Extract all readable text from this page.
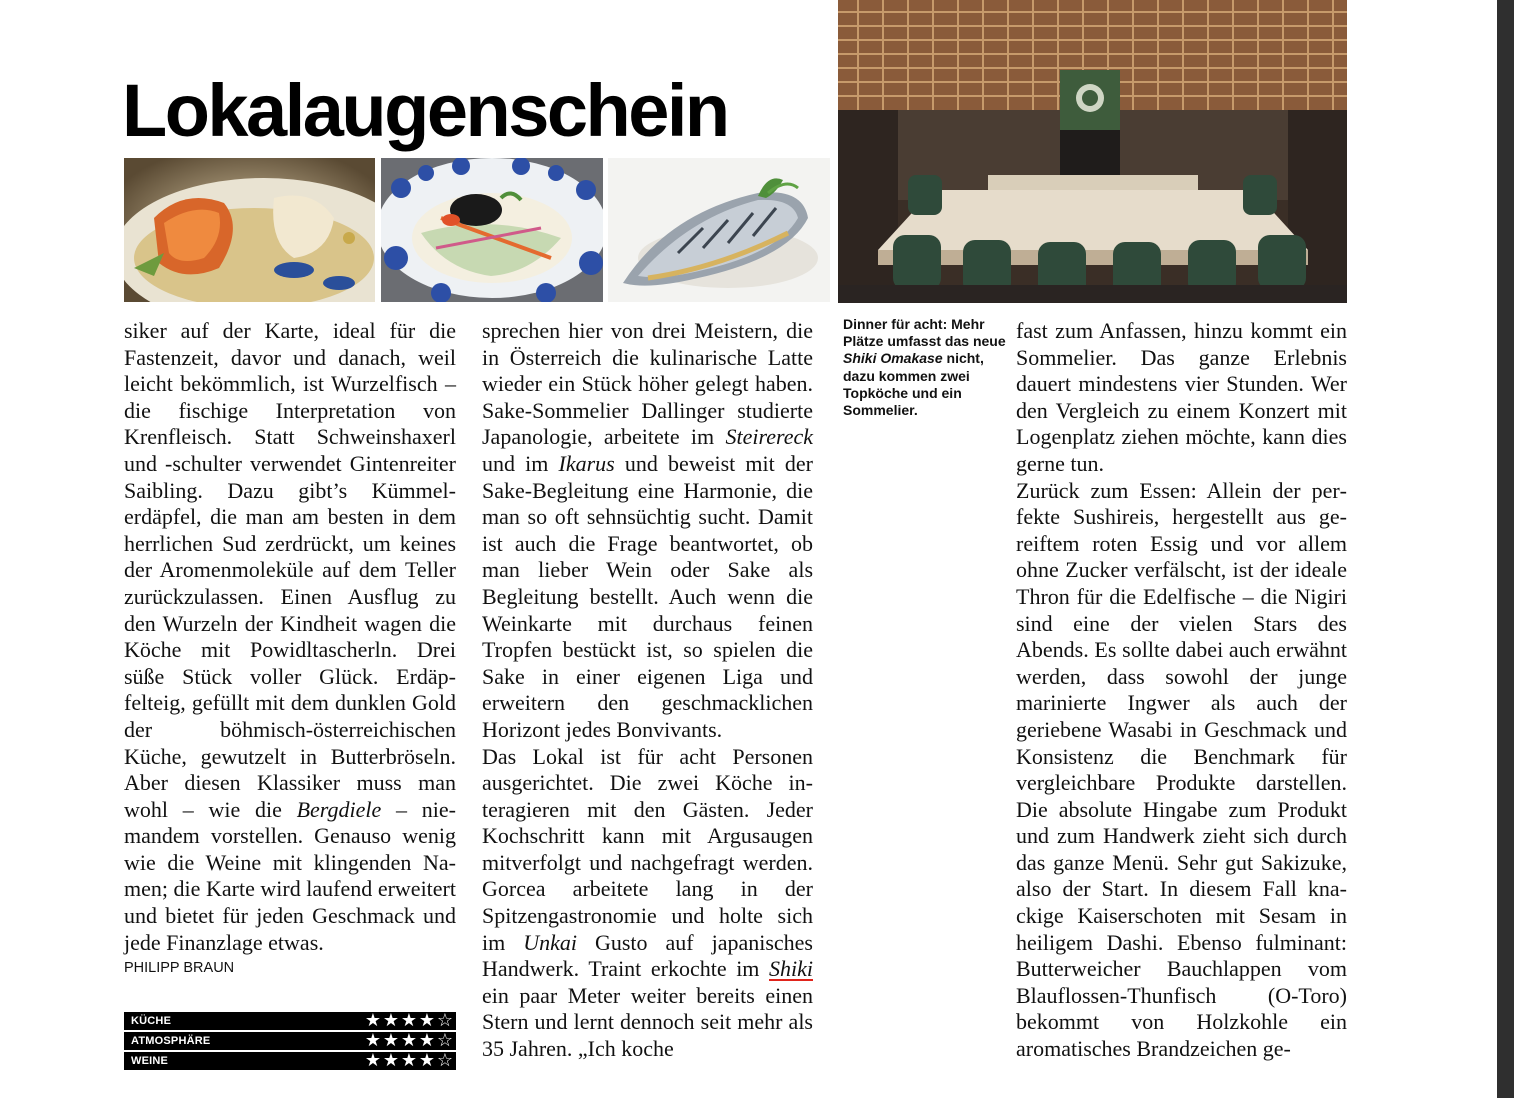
Lokalaugenschein

siker auf der Karte, ideal für die Fastenzeit, davor und danach, weil leicht bekömmlich, ist Wurzelfisch – die fischige Interpretation von Krenfleisch. Statt Schweinshaxerl und -schulter verwendet Gintenreiter Saibling. Dazu gibt’s Kümmelerdäpfel, die man am besten in dem herrlichen Sud zerdrückt, um keines der Aromenmoleküle auf dem Teller zurückzulassen. Einen Ausflug zu den Wurzeln der Kindheit wagen die Köche mit Powidltascherln. Drei süße Stück voller Glück. Erdäpfelteig, gefüllt mit dem dunklen Gold der böhmisch-österreichischen Küche, gewutzelt in Butterbröseln. Aber diesen Klassiker muss man wohl – wie die Bergdiele – niemandem vorstellen. Genauso wenig wie die Weine mit klingenden Namen; die Karte wird laufend erweitert und bietet für jeden Geschmack und jede Finanzlage etwas.

PHILIPP BRAUN
KÜCHE	★ ★ ★ ★ ☆
ATMOSPHÄRE	★ ★ ★ ★ ☆
WEINE	★ ★ ★ ★ ☆

sprechen hier von drei Meistern, die in Österreich die kulinarische Latte wieder ein Stück höher gelegt haben. Sake-Sommelier Dallinger studierte Japanologie, arbeitete im Steirereck und im Ikarus und beweist mit der Sake-Begleitung eine Harmonie, die man so oft sehnsüchtig sucht. Damit ist auch die Frage beantwortet, ob man lieber Wein oder Sake als Begleitung bestellt. Auch wenn die Weinkarte mit durchaus feinen Tropfen bestückt ist, so spielen die Sake in einer eigenen Liga und erweitern den geschmacklichen Horizont jedes Bonvivants.

Das Lokal ist für acht Personen ausgerichtet. Die zwei Köche interagieren mit den Gästen. Jeder Kochschritt kann mit Argusaugen mitverfolgt und nachgefragt werden. Gorcea arbeitete lang in der Spitzengastronomie und holte sich im Unkai Gusto auf japanisches Handwerk. Traint erkochte im Shiki ein paar Meter weiter bereits einen Stern und lernt dennoch seit mehr als 35 Jahren. „Ich koche

Dinner für acht: Mehr Plätze umfasst das neue Shiki Omakase nicht, dazu kommen zwei Topköche und ein Sommelier.

fast zum Anfassen, hinzu kommt ein Sommelier. Das ganze Erlebnis dauert mindestens vier Stunden. Wer den Vergleich zu einem Konzert mit Logenplatz ziehen möchte, kann dies gerne tun.

Zurück zum Essen: Allein der perfekte Sushireis, hergestellt aus gereiftem roten Essig und vor allem ohne Zucker verfälscht, ist der ideale Thron für die Edelfische – die Nigiri sind eine der vielen Stars des Abends. Es sollte dabei auch erwähnt werden, dass sowohl der junge marinierte Ingwer als auch der geriebene Wasabi in Geschmack und Konsistenz die Benchmark für vergleichbare Produkte darstellen. Die absolute Hingabe zum Produkt und zum Handwerk zieht sich durch das ganze Menü. Sehr gut Sakizuke, also der Start. In diesem Fall knackige Kaiserschoten mit Sesam in heiligem Dashi. Ebenso fulminant: Butterweicher Bauchlappen vom Blauflossen-Thunfisch (O-Toro) bekommt von Holzkohle ein aromatisches Brandzeichen ge-
